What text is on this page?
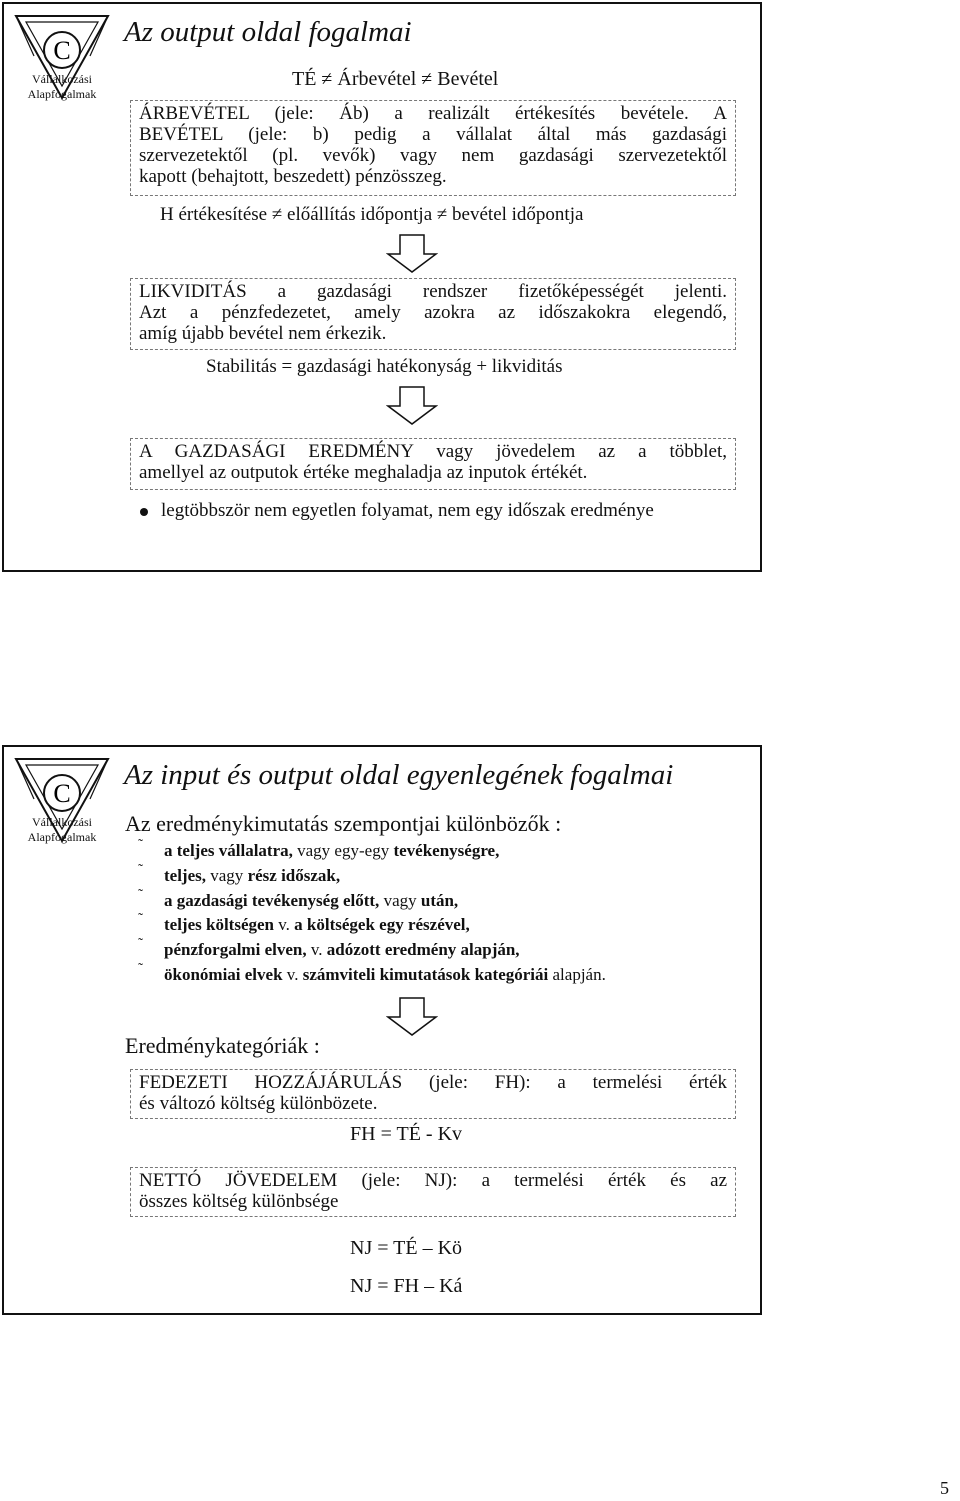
C
Vállalkozási
Alapfogalmak
Az output oldal fogalmai
TÉ ≠ Árbevétel ≠ Bevétel
ÁRBEVÉTEL (jele: Áb) a realizált értékesítés bevétele. A
BEVÉTEL (jele: b) pedig a vállalat által más gazdasági
szervezetektől (pl. vevők) vagy nem gazdasági szervezetektől
kapott (behajtott, beszedett) pénzösszeg.
H értékesítése ≠ előállítás időpontja ≠ bevétel időpontja
LIKVIDITÁS a gazdasági rendszer fizetőképességét jelenti.
Azt a pénzfedezetet, amely azokra az időszakokra elegendő,
amíg újabb bevétel nem érkezik.
Stabilitás = gazdasági hatékonyság + likviditás
A GAZDASÁGI EREDMÉNY vagy jövedelem az a többlet,
amellyel az outputok értéke meghaladja az inputok értékét.
legtöbbször nem egyetlen folyamat, nem egy időszak eredménye
C
Vállalkozási
Alapfogalmak
Az input és output oldal egyenlegének fogalmai
Az eredménykimutatás szempontjai különbözők :
˜ a teljes vállalatra, vagy egy-egy tevékenységre,
˜ teljes, vagy rész időszak,
˜ a gazdasági tevékenység előtt, vagy után,
˜ teljes költségen v. a költségek egy részével,
˜ pénzforgalmi elven, v. adózott eredmény alapján,
˜ ökonómiai elvek v. számviteli kimutatások kategóriái alapján.
Eredménykategóriák :
FEDEZETI HOZZÁJÁRULÁS (jele: FH): a termelési érték
és változó költség különbözete.
FH = TÉ - Kv
NETTÓ JÖVEDELEM (jele: NJ): a termelési érték és az
összes költség különbsége
NJ = TÉ – Kö
NJ = FH – Ká
5
